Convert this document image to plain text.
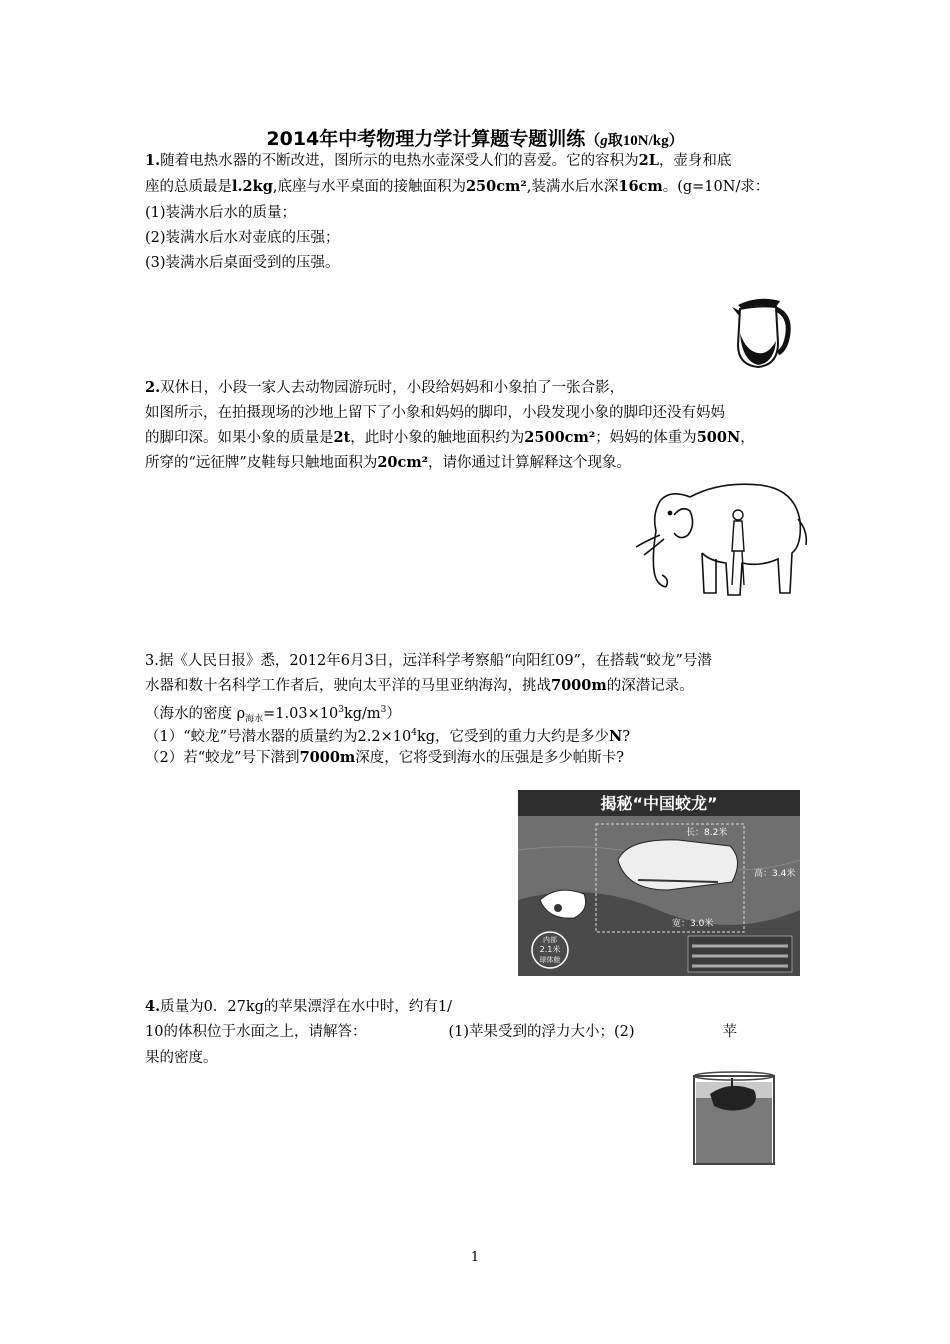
2014年中考物理力学计算题专题训练（g取10N/kg）
1.随着电热水器的不断改进，图所示的电热水壶深受人们的喜爱。它的容积为2L，壶身和底
座的总质最是l.2kg,底座与水平桌面的接触面积为250cm²,装满水后水深16cm。(g=10N/求：
(1)装满水后水的质量；
(2)装满水后水对壶底的压强；
(3)装满水后桌面受到的压强。
2.双休日，小段一家人去动物园游玩时，小段给妈妈和小象拍了一张合影，
如图所示，在拍摄现场的沙地上留下了小象和妈妈的脚印，小段发现小象的脚印还没有妈妈
的脚印深。如果小象的质量是2t，此时小象的触地面积约为2500cm²；妈妈的体重为500N，
所穿的“远征牌”皮鞋每只触地面积为20cm²，请你通过计算解释这个现象。
3.据《人民日报》悉，2012年6月3日，远洋科学考察船“向阳红09”，在搭载“蛟龙”号潜
水器和数十名科学工作者后，驶向太平洋的马里亚纳海沟，挑战7000m的深潜记录。
（海水的密度 $\rho_{海水}=1.03\times 10^3kg/m^3$）
（1）“蛟龙”号潜水器的质量约为$2.2\times 10^4kg$，它受到的重力大约是多少N?
（2）若“蛟龙”号下潜到7000m深度，它将受到海水的压强是多少帕斯卡?
揭秘“中国蛟龙”
长：8.2米
高：3.4米
宽：3.0米
内部
2.1米
球体舱
4.质量为0．27kg的苹果漂浮在水中时，约有1/
10的体积位于水面之上，请解答：	(1)苹果受到的浮力大小；(2)	苹
果的密度。
1
